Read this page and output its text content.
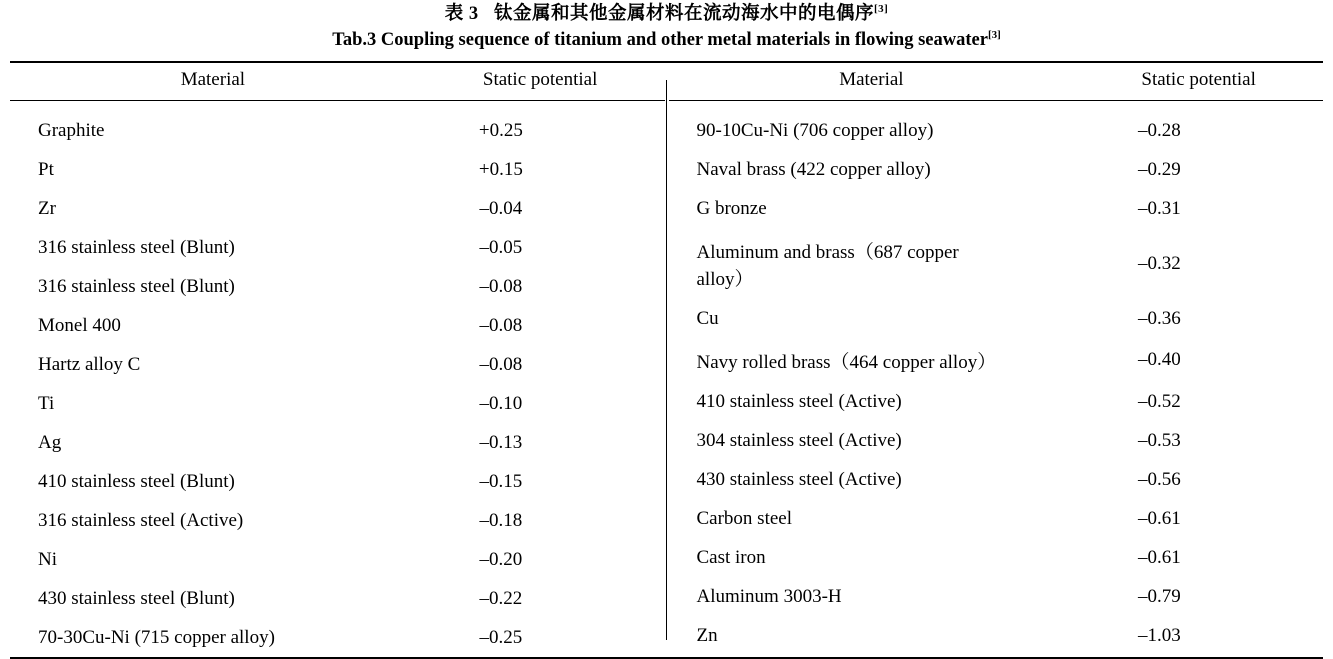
表 3 钛金属和其他金属材料在流动海水中的电偶序[3]
Tab.3 Coupling sequence of titanium and other metal materials in flowing seawater[3]
Material	Static potential

Graphite	+0.25
Pt	+0.15
Zr	–0.04
316 stainless steel (Blunt)	–0.05
316 stainless steel (Blunt)	–0.08
Monel 400	–0.08
Hartz alloy C	–0.08
Ti	–0.10
Ag	–0.13
410 stainless steel (Blunt)	–0.15
316 stainless steel (Active)	–0.18
Ni	–0.20
430 stainless steel (Blunt)	–0.22
70-30Cu-Ni (715 copper alloy)	–0.25

Material	Static potential

90-10Cu-Ni (706 copper alloy)	–0.28
Naval brass (422 copper alloy)	–0.29
G bronze	–0.31
Aluminum and brass（687 copper alloy）	–0.32
Cu	–0.36
Navy rolled brass（464 copper alloy）	–0.40
410 stainless steel (Active)	–0.52
304 stainless steel (Active)	–0.53
430 stainless steel (Active)	–0.56
Carbon steel	–0.61
Cast iron	–0.61
Aluminum 3003-H	–0.79
Zn	–1.03
